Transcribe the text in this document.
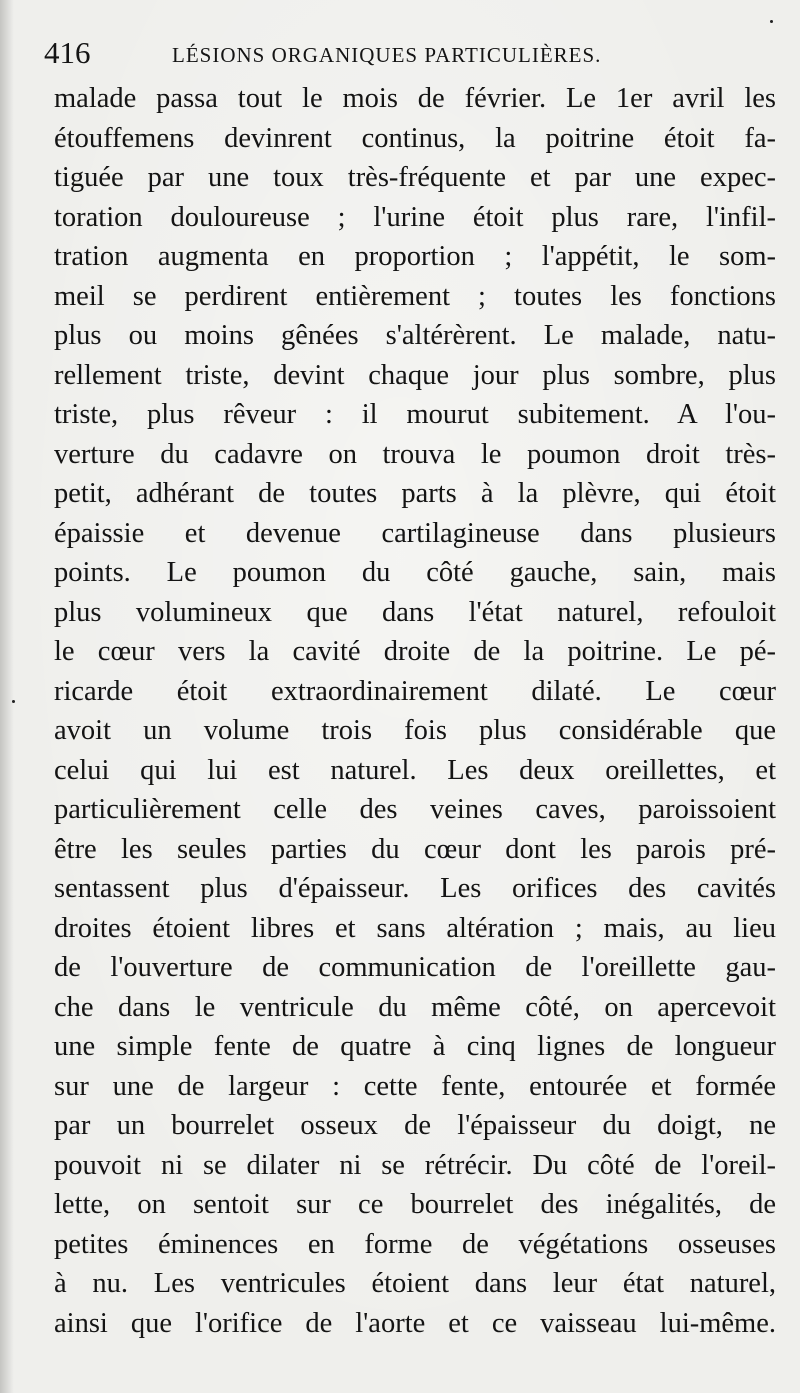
416	LÉSIONS ORGANIQUES PARTICULIÈRES.
malade passa tout le mois de février. Le 1er avril les
étouffemens devinrent continus, la poitrine étoit fa-
tiguée par une toux très-fréquente et par une expec-
toration douloureuse ; l'urine étoit plus rare, l'infil-
tration augmenta en proportion ; l'appétit, le som-
meil se perdirent entièrement ; toutes les fonctions
plus ou moins gênées s'altérèrent. Le malade, natu-
rellement triste, devint chaque jour plus sombre, plus
triste, plus rêveur : il mourut subitement. A l'ou-
verture du cadavre on trouva le poumon droit très-
petit, adhérant de toutes parts à la plèvre, qui étoit
épaissie et devenue cartilagineuse dans plusieurs
points. Le poumon du côté gauche, sain, mais
plus volumineux que dans l'état naturel, refouloit
le cœur vers la cavité droite de la poitrine. Le pé-
ricarde étoit extraordinairement dilaté. Le cœur
avoit un volume trois fois plus considérable que
celui qui lui est naturel. Les deux oreillettes, et
particulièrement celle des veines caves, paroissoient
être les seules parties du cœur dont les parois pré-
sentassent plus d'épaisseur. Les orifices des cavités
droites étoient libres et sans altération ; mais, au lieu
de l'ouverture de communication de l'oreillette gau-
che dans le ventricule du même côté, on apercevoit
une simple fente de quatre à cinq lignes de longueur
sur une de largeur : cette fente, entourée et formée
par un bourrelet osseux de l'épaisseur du doigt, ne
pouvoit ni se dilater ni se rétrécir. Du côté de l'oreil-
lette, on sentoit sur ce bourrelet des inégalités, de
petites éminences en forme de végétations osseuses
à nu. Les ventricules étoient dans leur état naturel,
ainsi que l'orifice de l'aorte et ce vaisseau lui-même.
